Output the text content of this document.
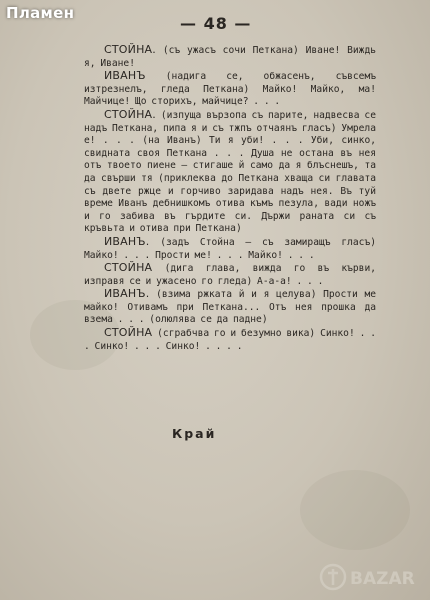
Пламен
— 48 —

СТОЙНА. (съ ужасъ сочи Петкана) Иване! Виждь я, Иване!

ИВАНЪ (надига се, обжасенъ, съвсемъ изтрезнелъ, гледа Петкана) Майко! Майко, ма! Майчице! Що сторихъ, майчице? . . .

СТОЙНА. (изпуща вързопа съ парите, надвесва се надъ Петкана, пипа я и съ тжпъ отчаянъ гласъ) Умрела е! . . . (на Иванъ) Ти я уби! . . . Уби, синко, свидната своя Петкана . . . Душа не остана въ нея отъ твоето пиене — стигаше й само да я блъснешъ, та да свърши тя (приклеква до Петкана хваща си главата съ двете ржце и горчиво заридава надъ нея. Въ туй време Иванъ дебнишкомъ отива къмъ пезула, вади ножъ и го забива въ гърдите си. Държи раната си съ кръвьта и отива при Петкана)

ИВАНЪ. (задъ Стойна — съ замиращъ гласъ) Майко! . . . Прости ме! . . . Майко! . . .

СТОЙНА (дига глава, вижда го въ кърви, изправя се и ужасено го гледа) А-а-а! . . .

ИВАНЪ. (взима ржката й и я целува) Прости ме майко! Отивамъ при Петкана... Отъ нея прошка да взема . . . (олюлява се да падне)

СТОЙНА (сграбчва го и безумно вика) Синко! . . . Синко! . . . Синко! . . . .

Край
BAZAR
